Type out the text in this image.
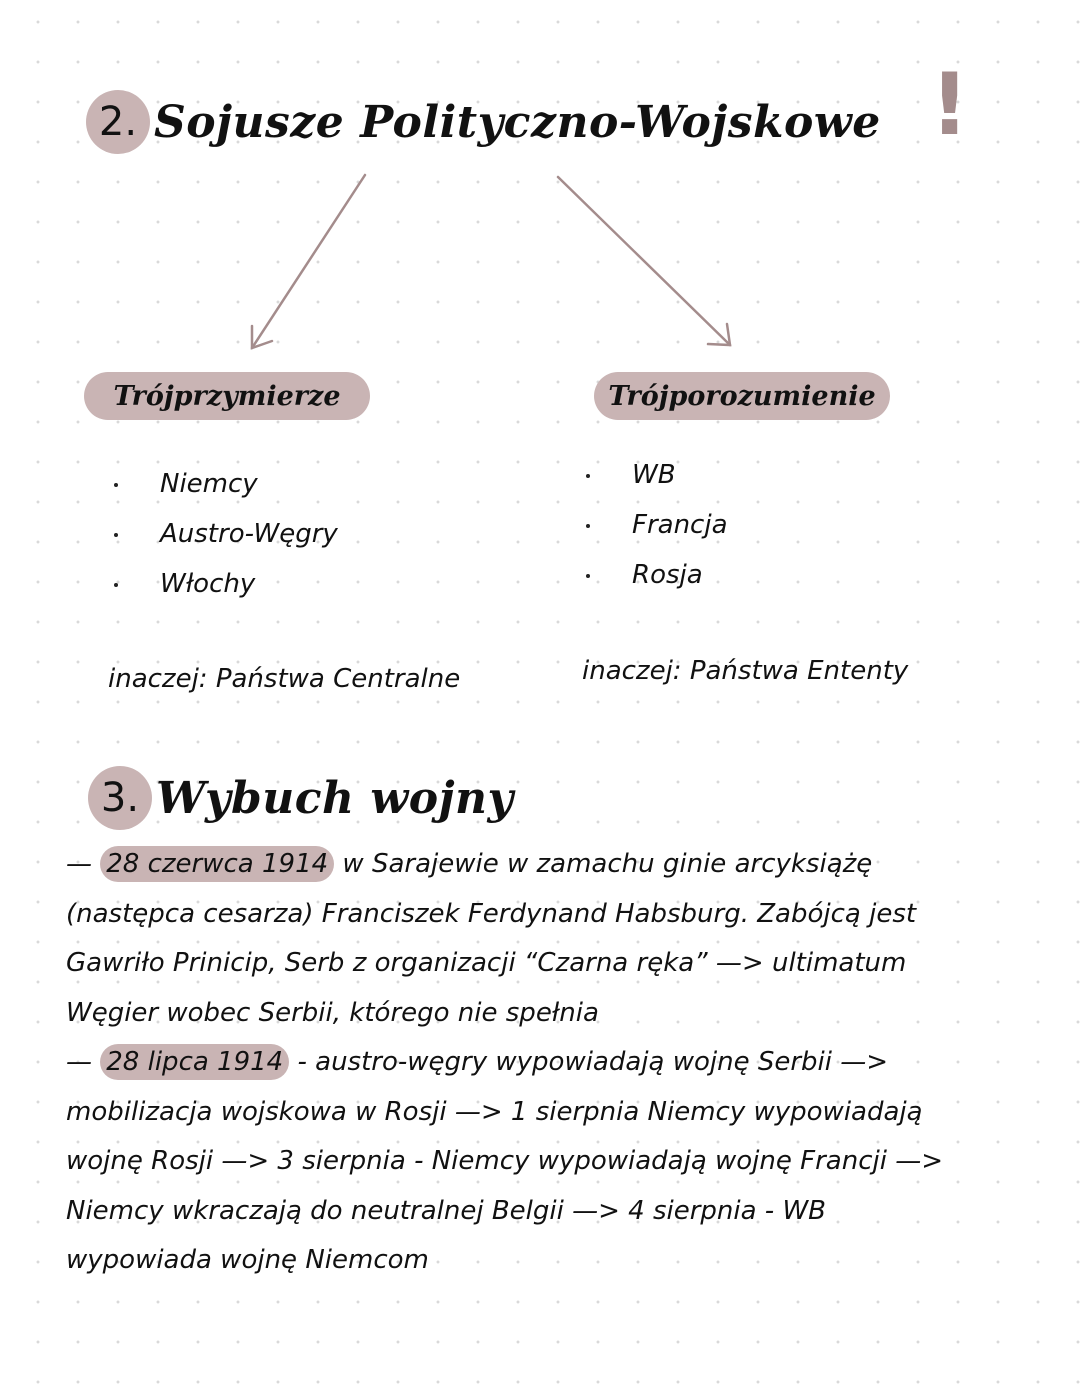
2. Sojusze Polityczno-Wojskowe !
Trójprzymierze
Niemcy
Austro-Węgry
Włochy
inaczej: Państwa Centralne
Trójporozumienie
WB
Francja
Rosja
inaczej: Państwa Ententy
3. Wybuch wojny
— 28 czerwca 1914 w Sarajewie w zamachu ginie arcyksiążę
(następca cesarza) Franciszek Ferdynand Habsburg. Zabójcą jest
Gawriło Prinicip, Serb z organizacji “Czarna ręka” —> ultimatum
Węgier wobec Serbii, którego nie spełnia
— 28 lipca 1914 - austro-węgry wypowiadają wojnę Serbii —>
mobilizacja wojskowa w Rosji —> 1 sierpnia Niemcy wypowiadają
wojnę Rosji —> 3 sierpnia - Niemcy wypowiadają wojnę Francji —>
Niemcy wkraczają do neutralnej Belgii —> 4 sierpnia - WB
wypowiada wojnę Niemcom
